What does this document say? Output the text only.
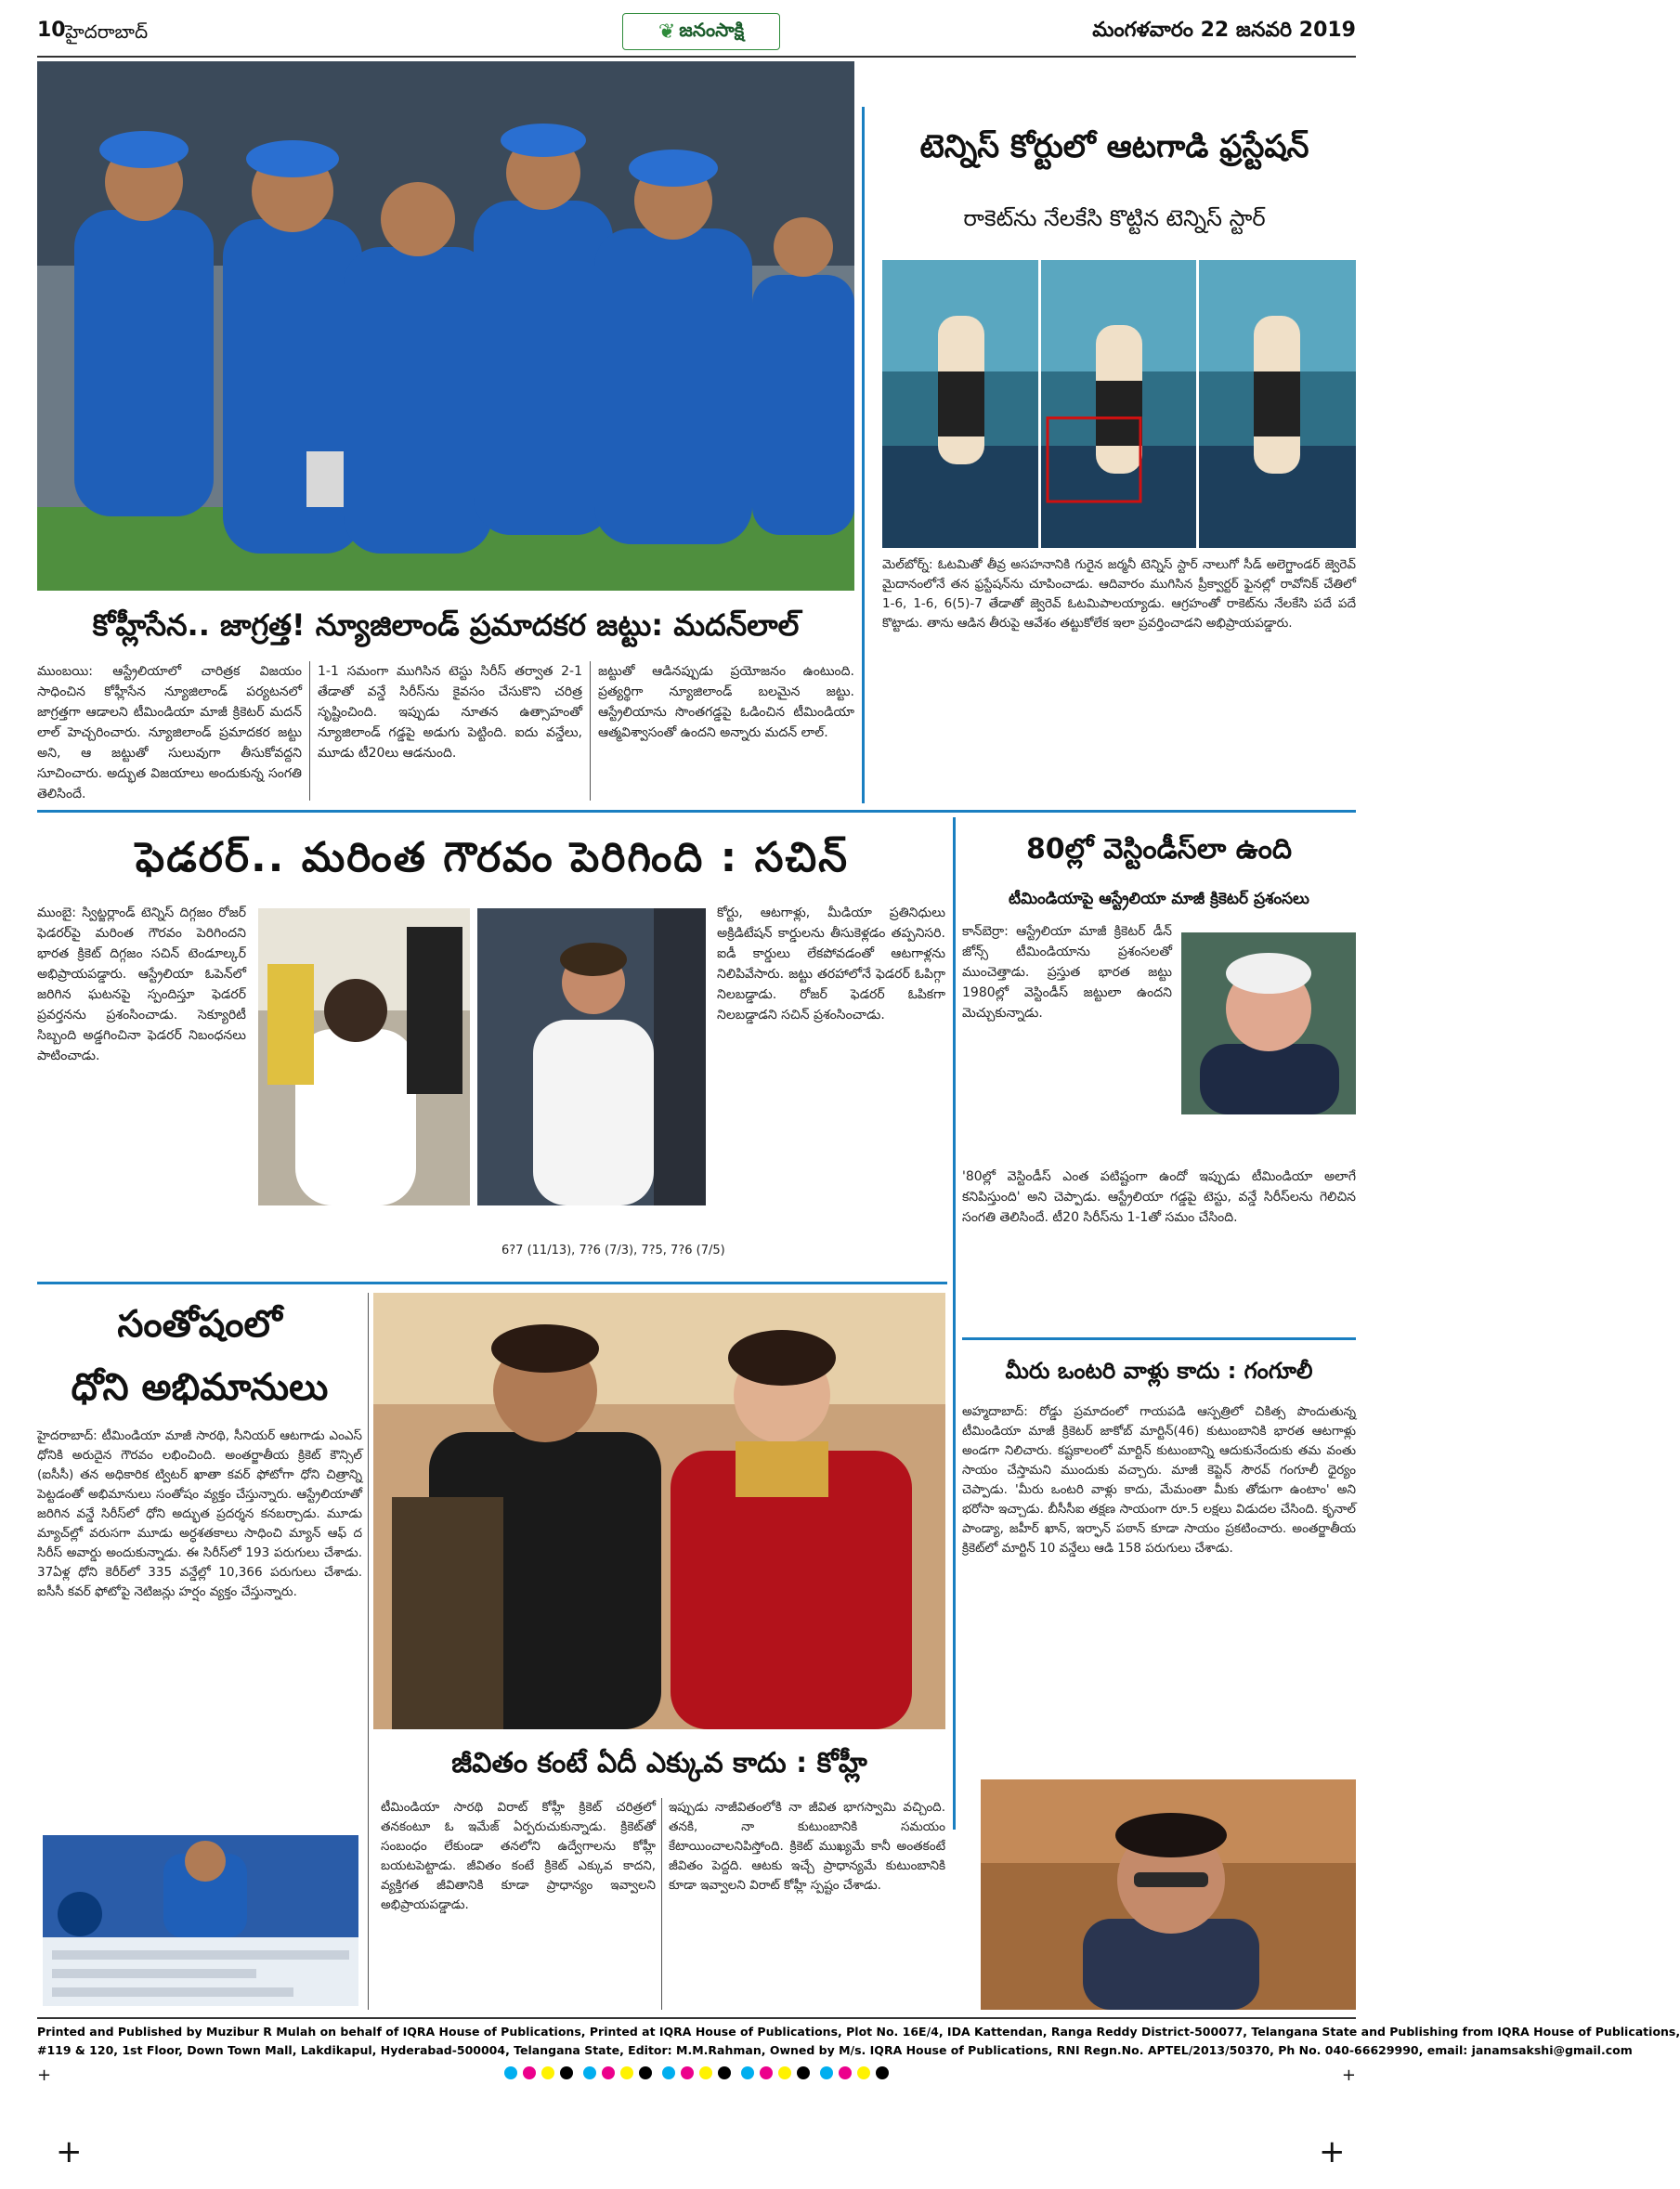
10 హైదరాబాద్	❦ జనంసాక్షి	మంగళవారం 22 జనవరి 2019
కోహ్లీసేన.. జాగ్రత్త! న్యూజిలాండ్ ప్రమాదకర జట్టు: మదన్‌లాల్
ముంబయి: ఆస్ట్రేలియాలో చారిత్రక విజయం సాధించిన కోహ్లీసేన న్యూజిలాండ్ పర్యటనలో జాగ్రత్తగా ఆడాలని టీమిండియా మాజీ క్రికెటర్ మదన్ లాల్ హెచ్చరించారు. న్యూజిలాండ్ ప్రమాదకర జట్టు అని, ఆ జట్టుతో సులువుగా తీసుకోవద్దని సూచించారు. అద్భుత విజయాలు అందుకున్న సంగతి తెలిసిందే.
1-1 సమంగా ముగిసిన టెస్టు సిరీస్ తర్వాత 2-1 తేడాతో వన్డే సిరీస్‌ను కైవసం చేసుకొని చరిత్ర సృష్టించింది. ఇప్పుడు నూతన ఉత్సాహంతో న్యూజిలాండ్ గడ్డపై అడుగు పెట్టింది. ఐదు వన్డేలు, మూడు టీ20లు ఆడనుంది.
జట్టుతో ఆడినప్పుడు ప్రయోజనం ఉంటుంది. ప్రత్యర్థిగా న్యూజిలాండ్ బలమైన జట్టు. ఆస్ట్రేలియాను సొంతగడ్డపై ఓడించిన టీమిండియా ఆత్మవిశ్వాసంతో ఉందని అన్నారు మదన్ లాల్.
టెన్నిస్ కోర్టులో ఆటగాడి ఫ్రస్టేషన్
రాకెట్‌ను నేలకేసి కొట్టిన టెన్నిస్ స్టార్
మెల్‌బోర్న్: ఓటమితో తీవ్ర అసహనానికి గురైన జర్మనీ టెన్నిస్ స్టార్ నాలుగో సీడ్ అలెగ్జాండర్ జ్వెరెవ్ మైదానంలోనే తన ఫ్రస్టేషన్‌ను చూపించాడు. ఆదివారం ముగిసిన ప్రీక్వార్టర్ ఫైనల్లో రావోనిక్ చేతిలో 1-6, 1-6, 6(5)-7 తేడాతో జ్వెరెవ్ ఓటమిపాలయ్యాడు. ఆగ్రహంతో రాకెట్‌ను నేలకేసి పదే పదే కొట్టాడు. తాను ఆడిన తీరుపై ఆవేశం తట్టుకోలేక ఇలా ప్రవర్తించాడని అభిప్రాయపడ్డారు.
ఫెడరర్.. మరింత గౌరవం పెరిగింది : సచిన్
ముంబై: స్విట్జర్లాండ్ టెన్నిస్ దిగ్గజం రోజర్ ఫెడరర్‌పై మరింత గౌరవం పెరిగిందని భారత క్రికెట్ దిగ్గజం సచిన్ టెండూల్కర్ అభిప్రాయపడ్డారు. ఆస్ట్రేలియా ఓపెన్‌లో జరిగిన ఘటనపై స్పందిస్తూ ఫెడరర్‌ ప్రవర్తనను ప్రశంసించాడు. సెక్యూరిటీ సిబ్బంది అడ్డగించినా ఫెడరర్ నిబంధనలు పాటించాడు.
కోర్టు, ఆటగాళ్లు, మీడియా ప్రతినిధులు అక్రిడిటేషన్ కార్డులను తీసుకెళ్లడం తప్పనిసరి. ఐడీ కార్డులు లేకపోవడంతో ఆటగాళ్లను నిలిపివేసారు. జట్టు తరహాలోనే ఫెడరర్ ఓపిగ్గా నిలబడ్డాడు. రోజర్ ఫెడరర్ ఓపికగా నిలబడ్డాడని సచిన్ ప్రశంసించాడు.
6?7 (11/13), 7?6 (7/3), 7?5, 7?6 (7/5)
80ల్లో వెస్టిండీస్‌లా ఉంది
టీమిండియాపై ఆస్ట్రేలియా మాజీ క్రికెటర్ ప్రశంసలు
కాన్‌బెర్రా: ఆస్ట్రేలియా మాజీ క్రికెటర్ డీన్ జోన్స్ టీమిండియాను ప్రశంసలతో ముంచెత్తాడు. ప్రస్తుత భారత జట్టు 1980ల్లో వెస్టిండీస్ జట్టులా ఉందని మెచ్చుకున్నాడు.
'80ల్లో వెస్టిండీస్ ఎంత పటిష్టంగా ఉందో ఇప్పుడు టీమిండియా అలాగే కనిపిస్తుంది' అని చెప్పాడు. ఆస్ట్రేలియా గడ్డపై టెస్టు, వన్డే సిరీస్‌లను గెలిచిన సంగతి తెలిసిందే. టీ20 సిరీస్‌ను 1-1తో సమం చేసింది.
సంతోషంలో
ధోని అభిమానులు
హైదరాబాద్: టీమిండియా మాజీ సారథి, సీనియర్ ఆటగాడు ఎంఎస్ ధోనికి అరుదైన గౌరవం లభించింది. అంతర్జాతీయ క్రికెట్ కౌన్సిల్ (ఐసీసీ) తన అధికారిక ట్విటర్ ఖాతా కవర్ ఫోటోగా ధోని చిత్రాన్ని పెట్టడంతో అభిమానులు సంతోషం వ్యక్తం చేస్తున్నారు. ఆస్ట్రేలియాతో జరిగిన వన్డే సిరీస్‌లో ధోని అద్భుత ప్రదర్శన కనబర్చాడు. మూడు మ్యాచ్‌ల్లో వరుసగా మూడు అర్ధశతకాలు సాధించి మ్యాన్ ఆఫ్ ద సిరీస్ అవార్డు అందుకున్నాడు. ఈ సిరీస్‌లో 193 పరుగులు చేశాడు. 37ఏళ్ల ధోని కెరీర్‌లో 335 వన్డేల్లో 10,366 పరుగులు చేశాడు. ఐసీసీ కవర్ ఫోటోపై నెటిజన్లు హర్షం వ్యక్తం చేస్తున్నారు.
జీవితం కంటే ఏదీ ఎక్కువ కాదు : కోహ్లీ
టీమిండియా సారథి విరాట్ కోహ్లీ క్రికెట్ చరిత్రలో తనకంటూ ఓ ఇమేజ్ ఏర్పరుచుకున్నాడు. క్రికెట్‌తో సంబంధం లేకుండా తనలోని ఉద్వేగాలను కోహ్లీ బయటపెట్టాడు. జీవితం కంటే క్రికెట్ ఎక్కువ కాదని, వ్యక్తిగత జీవితానికి కూడా ప్రాధాన్యం ఇవ్వాలని అభిప్రాయపడ్డాడు.
ఇప్పుడు నాజీవితంలోకి నా జీవిత భాగస్వామి వచ్చింది. తనకి, నా కుటుంబానికి సమయం కేటాయించాలనిపిస్తోంది. క్రికెట్ ముఖ్యమే కానీ అంతకంటే జీవితం పెద్దది. ఆటకు ఇచ్చే ప్రాధాన్యమే కుటుంబానికి కూడా ఇవ్వాలని విరాట్ కోహ్లీ స్పష్టం చేశాడు.
మీరు ఒంటరి వాళ్లు కాదు : గంగూలీ
అహ్మదాబాద్: రోడ్డు ప్రమాదంలో గాయపడి ఆస్పత్రిలో చికిత్స పొందుతున్న టీమిండియా మాజీ క్రికెటర్ జాకోబ్ మార్టిన్‌(46) కుటుంబానికి భారత ఆటగాళ్లు అండగా నిలిచారు. కష్టకాలంలో మార్టిన్ కుటుంబాన్ని ఆదుకునేందుకు తమ వంతు సాయం చేస్తామని ముందుకు వచ్చారు. మాజీ కెప్టెన్ సౌరవ్ గంగూలీ ధైర్యం చెప్పాడు. 'మీరు ఒంటరి వాళ్లు కాదు, మేమంతా మీకు తోడుగా ఉంటాం' అని భరోసా ఇచ్చాడు. బీసీసీఐ తక్షణ సాయంగా రూ.5 లక్షలు విడుదల చేసింది. కృనాల్ పాండ్యా, జహీర్ ఖాన్, ఇర్ఫాన్ పఠాన్ కూడా సాయం ప్రకటించారు. అంతర్జాతీయ క్రికెట్‌లో మార్టిన్ 10 వన్డేలు ఆడి 158 పరుగులు చేశాడు.
Printed and Published by Muzibur R Mulah on behalf of IQRA House of Publications, Printed at IQRA House of Publications, Plot No. 16E/4, IDA Kattendan, Ranga Reddy District-500077, Telangana State and Publishing from IQRA House of Publications,
#119 & 120, 1st Floor, Down Town Mall, Lakdikapul, Hyderabad-500004, Telangana State, Editor: M.M.Rahman, Owned by M/s. IQRA House of Publications, RNI Regn.No. APTEL/2013/50370, Ph No. 040-66629990, email: janamsakshi@gmail.com
+
	+
+	+
